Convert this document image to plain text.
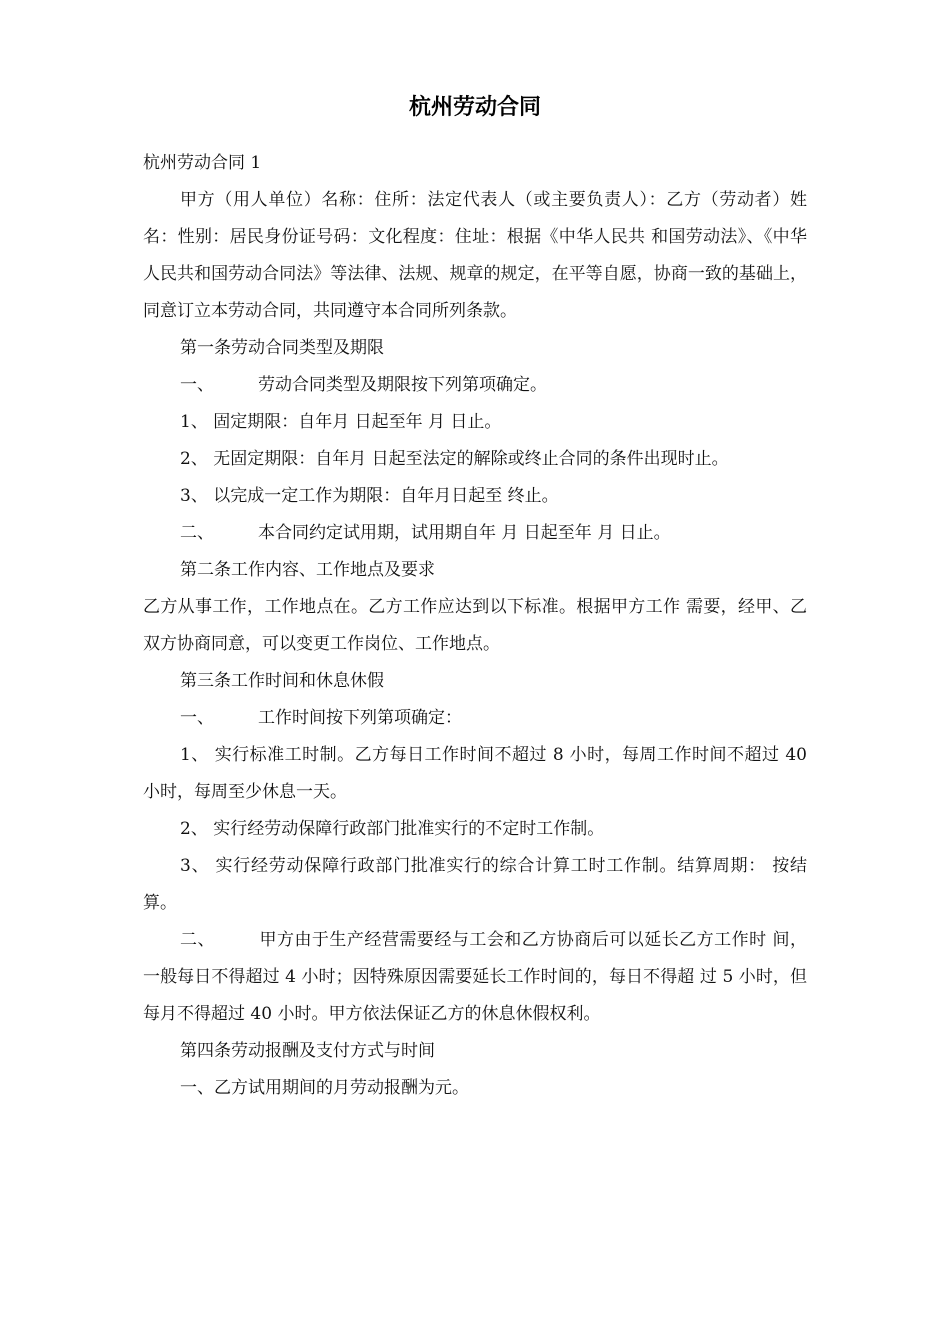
杭州劳动合同

杭州劳动合同 1

甲方（用人单位）名称：住所：法定代表人（或主要负责人）：乙方（劳动者）姓名：性别：居民身份证号码：文化程度：住址：根据《中华人民共 和国劳动法》、《中华人民共和国劳动合同法》等法律、法规、规章的规定，在平等自愿，协商一致的基础上，同意订立本劳动合同，共同遵守本合同所列条款。

第一条劳动合同类型及期限

一、	劳动合同类型及期限按下列第项确定。

1、 固定期限：自年月 日起至年 月 日止。

2、 无固定期限：自年月 日起至法定的解除或终止合同的条件出现时止。

3、 以完成一定工作为期限：自年月日起至 终止。

二、	本合同约定试用期，试用期自年 月 日起至年 月 日止。

第二条工作内容、工作地点及要求

乙方从事工作，工作地点在。乙方工作应达到以下标准。根据甲方工作 需要，经甲、乙双方协商同意，可以变更工作岗位、工作地点。

第三条工作时间和休息休假

一、	工作时间按下列第项确定：

1、 实行标准工时制。乙方每日工作时间不超过 8 小时，每周工作时间不超过 40 小时，每周至少休息一天。

2、 实行经劳动保障行政部门批准实行的不定时工作制。

3、 实行经劳动保障行政部门批准实行的综合计算工时工作制。结算周期： 按结算。

二、	甲方由于生产经营需要经与工会和乙方协商后可以延长乙方工作时 间，一般每日不得超过 4 小时；因特殊原因需要延长工作时间的，每日不得超 过 5 小时，但每月不得超过 40 小时。甲方依法保证乙方的休息休假权利。

第四条劳动报酬及支付方式与时间

一、乙方试用期间的月劳动报酬为元。
